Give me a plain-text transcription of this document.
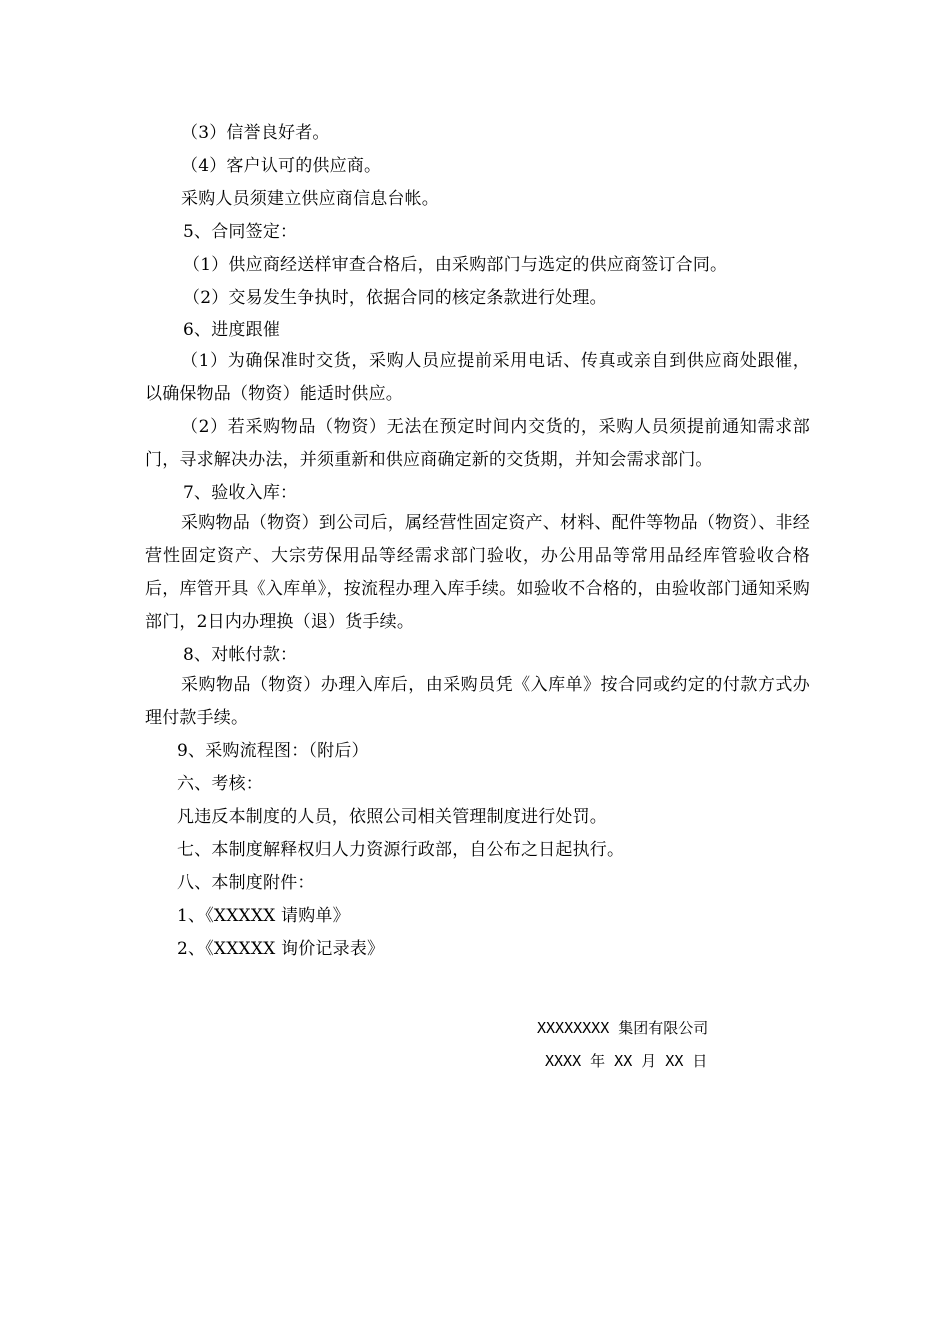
（3）信誉良好者。
（4）客户认可的供应商。
采购人员须建立供应商信息台帐。
5、合同签定：
（1）供应商经送样审查合格后，由采购部门与选定的供应商签订合同。
（2）交易发生争执时，依据合同的核定条款进行处理。
6、进度跟催
（1）为确保准时交货，采购人员应提前采用电话、传真或亲自到供应商处跟催，以确保物品（物资）能适时供应。
（2）若采购物品（物资）无法在预定时间内交货的，采购人员须提前通知需求部门，寻求解决办法，并须重新和供应商确定新的交货期，并知会需求部门。
7、验收入库：
采购物品（物资）到公司后，属经营性固定资产、材料、配件等物品（物资）、非经营性固定资产、大宗劳保用品等经需求部门验收，办公用品等常用品经库管验收合格后，库管开具《入库单》，按流程办理入库手续。如验收不合格的，由验收部门通知采购部门，2日内办理换（退）货手续。
8、对帐付款：
采购物品（物资）办理入库后，由采购员凭《入库单》按合同或约定的付款方式办理付款手续。
9、采购流程图：（附后）
六、考核：
凡违反本制度的人员，依照公司相关管理制度进行处罚。
七、本制度解释权归人力资源行政部，自公布之日起执行。
八、本制度附件：
1、《XXXXX 请购单》
2、《XXXXX 询价记录表》
XXXXXXXX 集团有限公司
XXXX 年 XX 月 XX 日
